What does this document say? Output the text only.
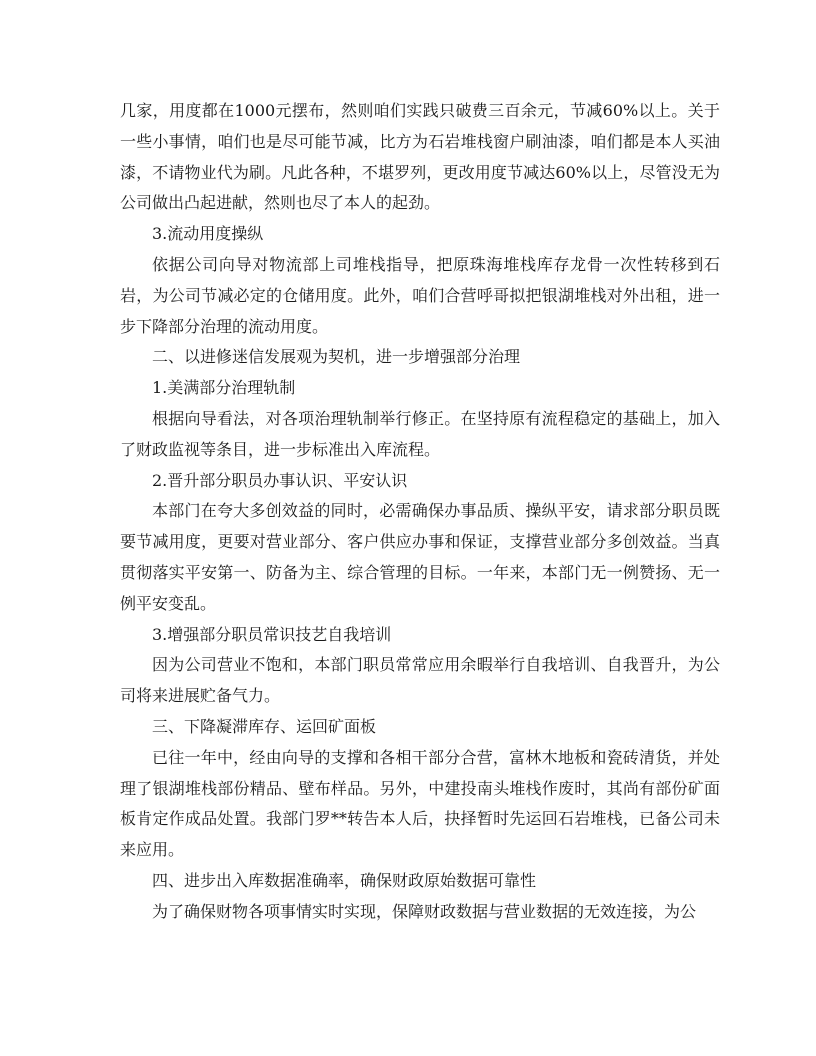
几家，用度都在1000元摆布，然则咱们实践只破费三百余元，节减60%以上。关于一些小事情，咱们也是尽可能节减，比方为石岩堆栈窗户刷油漆，咱们都是本人买油漆，不请物业代为刷。凡此各种，不堪罗列，更改用度节减达60%以上，尽管没无为公司做出凸起进献，然则也尽了本人的起劲。

3.流动用度操纵

依据公司向导对物流部上司堆栈指导，把原珠海堆栈库存龙骨一次性转移到石岩，为公司节减必定的仓储用度。此外，咱们合营呼哥拟把银湖堆栈对外出租，进一步下降部分治理的流动用度。

二、以进修迷信发展观为契机，进一步增强部分治理

1.美满部分治理轨制

根据向导看法，对各项治理轨制举行修正。在坚持原有流程稳定的基础上，加入了财政监视等条目，进一步标准出入库流程。

2.晋升部分职员办事认识、平安认识

本部门在夸大多创效益的同时，必需确保办事品质、操纵平安，请求部分职员既要节减用度，更要对营业部分、客户供应办事和保证，支撑营业部分多创效益。当真贯彻落实平安第一、防备为主、综合管理的目标。一年来，本部门无一例赞扬、无一例平安变乱。

3.增强部分职员常识技艺自我培训

因为公司营业不饱和，本部门职员常常应用余暇举行自我培训、自我晋升，为公司将来进展贮备气力。

三、下降凝滞库存、运回矿面板

已往一年中，经由向导的支撑和各相干部分合营，富林木地板和瓷砖清货，并处理了银湖堆栈部份精品、壁布样品。另外，中建投南头堆栈作废时，其尚有部份矿面板肯定作成品处置。我部门罗**转告本人后，抉择暂时先运回石岩堆栈，已备公司未来应用。

四、进步出入库数据准确率，确保财政原始数据可靠性

为了确保财物各项事情实时实现，保障财政数据与营业数据的无效连接，为公
